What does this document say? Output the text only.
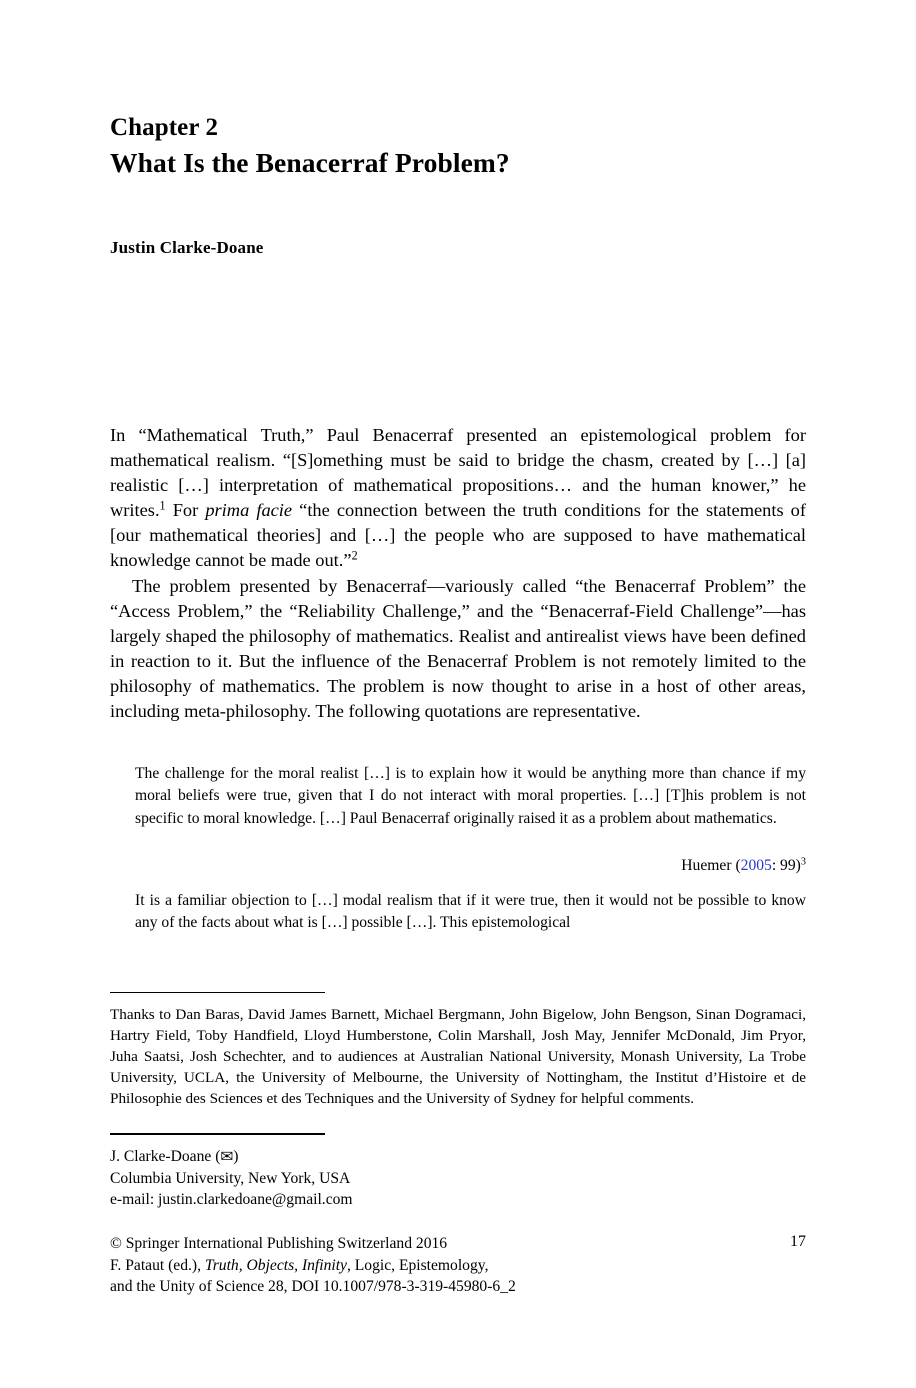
Chapter 2
What Is the Benacerraf Problem?
Justin Clarke-Doane

In “Mathematical Truth,” Paul Benacerraf presented an epistemological problem for mathematical realism. “[S]omething must be said to bridge the chasm, created by […] [a] realistic […] interpretation of mathematical propositions… and the human knower,” he writes.$^1$ For prima facie “the connection between the truth conditions for the statements of [our mathematical theories] and […] the people who are supposed to have mathematical knowledge cannot be made out.”$^2$

The problem presented by Benacerraf—variously called “the Benacerraf Problem” the “Access Problem,” the “Reliability Challenge,” and the “Benacerraf-Field Challenge”—has largely shaped the philosophy of mathematics. Realist and antirealist views have been defined in reaction to it. But the influence of the Benacerraf Problem is not remotely limited to the philosophy of mathematics. The problem is now thought to arise in a host of other areas, including meta-philosophy. The following quotations are representative.

The challenge for the moral realist […] is to explain how it would be anything more than chance if my moral beliefs were true, given that I do not interact with moral properties. […] [T]his problem is not specific to moral knowledge. […] Paul Benacerraf originally raised it as a problem about mathematics.

Huemer (2005: 99)$^3$

It is a familiar objection to […] modal realism that if it were true, then it would not be possible to know any of the facts about what is […] possible […]. This epistemological

Thanks to Dan Baras, David James Barnett, Michael Bergmann, John Bigelow, John Bengson, Sinan Dogramaci, Hartry Field, Toby Handfield, Lloyd Humberstone, Colin Marshall, Josh May, Jennifer McDonald, Jim Pryor, Juha Saatsi, Josh Schechter, and to audiences at Australian National University, Monash University, La Trobe University, UCLA, the University of Melbourne, the University of Nottingham, the Institut d’Histoire et de Philosophie des Sciences et des Techniques and the University of Sydney for helpful comments.

J. Clarke-Doane (✉)

Columbia University, New York, USA

e-mail: justin.clarkedoane@gmail.com

© Springer International Publishing Switzerland 2016	17

F. Pataut (ed.), Truth, Objects, Infinity, Logic, Epistemology,

and the Unity of Science 28, DOI 10.1007/978-3-319-45980-6_2
